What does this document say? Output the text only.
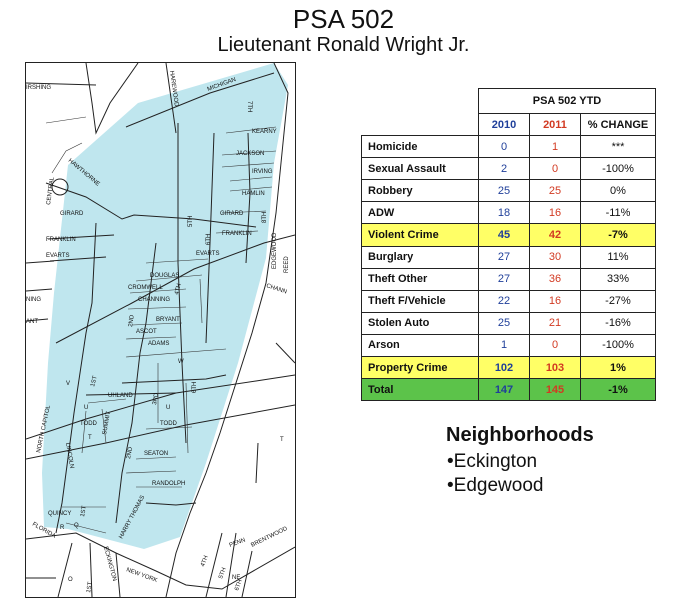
PSA 502
Lieutenant Ronald Wright Jr.
IRSHING	HAREWOOD	MICHIGAN
7TH
KEARNY
JACKSON
IRVING
HAMLIN
HAWTHORNE
CENTRAL
GIRARD	GIRARD
FRANKLIN
FRANKLIN
EVARTS	EVARTS
5TH
6TH
8TH
EDGEWOOD REED
DOUGLAS
CROMWELL
NING	CHANNING
CHANN
4TH
2ND	BRYANT
ASCOT
ADAMS
ANT
W
V
U	U
1ST
3RD
6TH
UHLAND
SUMMIT
NORTH CAPITOL
LINCOLN
TODD	TODD
T	T
2ND SEATON
RANDOLPH
QUINCY 1ST	HARRY THOMAS
FLORIDA R Q
ECKINGTON NEW YORK
4TH
5TH
6TH
PENN BRENTWOOD
NE
O
1ST
	PSA 502 YTD		
	2010	2011	% CHANGE
Homicide	0	1	***
Sexual Assault	2	0	-100%
Robbery	25	25	0%
ADW	18	16	-11%
Violent Crime	45	42	-7%
Burglary	27	30	11%
Theft Other	27	36	33%
Theft F/Vehicle	22	16	-27%
Stolen Auto	25	21	-16%
Arson	1	0	-100%
Property Crime	102	103	1%
Total	147	145	-1%
Neighborhoods
•Eckington
•Edgewood
